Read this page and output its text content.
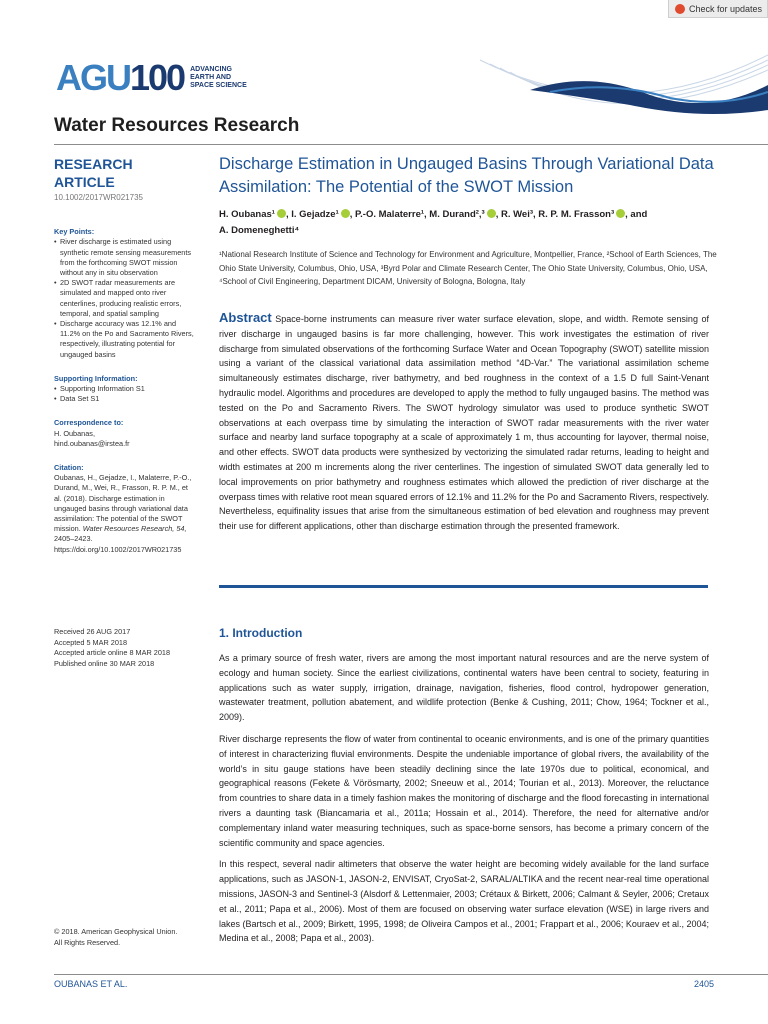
Check for updates
AGU 100 ADVANCING
EARTH AND
SPACE SCIENCE
Water Resources Research
RESEARCH ARTICLE
10.1002/2017WR021735
Key Points:
• River discharge is estimated using synthetic remote sensing measurements from the forthcoming SWOT mission without any in situ observation
• 2D SWOT radar measurements are simulated and mapped onto river centerlines, producing realistic errors, temporal, and spatial sampling
• Discharge accuracy was 12.1% and 11.2% on the Po and Sacramento Rivers, respectively, illustrating potential for ungauged basins
Supporting Information:
• Supporting Information S1
• Data Set S1
Correspondence to:
H. Oubanas,
hind.oubanas@irstea.fr
Citation:
Oubanas, H., Gejadze, I., Malaterre, P.-O., Durand, M., Wei, R., Frasson, R. P. M., et al. (2018). Discharge estimation in ungauged basins through variational data assimilation: The potential of the SWOT mission. Water Resources Research, 54, 2405–2423. https://doi.org/10.1002/2017WR021735
Received 26 AUG 2017
Accepted 5 MAR 2018
Accepted article online 8 MAR 2018
Published online 30 MAR 2018
© 2018. American Geophysical Union.
All Rights Reserved.
Discharge Estimation in Ungauged Basins Through Variational Data Assimilation: The Potential of the SWOT Mission
H. Oubanas¹ , I. Gejadze¹ , P.-O. Malaterre¹, M. Durand²,³ , R. Wei³, R. P. M. Frasson³ , and
A. Domeneghetti⁴
¹National Research Institute of Science and Technology for Environment and Agriculture, Montpellier, France, ²School of Earth Sciences, The Ohio State University, Columbus, Ohio, USA, ³Byrd Polar and Climate Research Center, The Ohio State University, Columbus, Ohio, USA, ⁴School of Civil Engineering, Department DICAM, University of Bologna, Bologna, Italy
Abstract Space-borne instruments can measure river water surface elevation, slope, and width. Remote sensing of river discharge in ungauged basins is far more challenging, however. This work investigates the estimation of river discharge from simulated observations of the forthcoming Surface Water and Ocean Topography (SWOT) satellite mission using a variant of the classical variational data assimilation method “4D-Var.” The variational assimilation scheme simultaneously estimates discharge, river bathymetry, and bed roughness in the context of a 1.5 D full Saint-Venant hydraulic model. Algorithms and procedures are developed to apply the method to fully ungauged basins. The method was tested on the Po and Sacramento Rivers. The SWOT hydrology simulator was used to produce synthetic SWOT observations at each overpass time by simulating the interaction of SWOT radar measurements with the river water surface and nearby land surface topography at a scale of approximately 1 m, thus accounting for layover, thermal noise, and other effects. SWOT data products were synthesized by vectorizing the simulated radar returns, leading to height and width estimates at 200 m increments along the river centerlines. The ingestion of simulated SWOT data generally led to local improvements on prior bathymetry and roughness estimates which allowed the prediction of river discharge at the overpass times with relative root mean squared errors of 12.1% and 11.2% for the Po and Sacramento Rivers, respectively. Nevertheless, equifinality issues that arise from the simultaneous estimation of bed elevation and roughness may prevent their use for different applications, other than discharge estimation through the presented framework.
1. Introduction

As a primary source of fresh water, rivers are among the most important natural resources and are the nerve system of ecology and human society. Since the earliest civilizations, continental waters have been central to society, featuring in applications such as water supply, irrigation, drainage, navigation, fisheries, flood control, hydropower generation, wastewater treatment, pollution abatement, and wildlife protection (Benke & Cushing, 2011; Chow, 1964; Tockner et al., 2009).

River discharge represents the flow of water from continental to oceanic environments, and is one of the primary quantities of interest in characterizing fluvial environments. Despite the undeniable importance of global rivers, the availability of the world’s in situ gauge stations have been steadily declining since the late 1970s due to political, economical, and geographical reasons (Fekete & Vörösmarty, 2002; Sneeuw et al., 2014; Tourian et al., 2013). Moreover, the reluctance from countries to share data in a timely fashion makes the monitoring of discharge and the flood forecasting in international rivers a daunting task (Biancamaria et al., 2011a; Hossain et al., 2014). Therefore, the need for alternative and/or complementary inland water measuring techniques, such as space-borne sensors, has become a primary concern of the scientific community and space agencies.

In this respect, several nadir altimeters that observe the water height are becoming widely available for the land surface applications, such as JASON-1, JASON-2, ENVISAT, CryoSat-2, SARAL/ALTIKA and the recent near-real time operational missions, JASON-3 and Sentinel-3 (Alsdorf & Lettenmaier, 2003; Crétaux & Birkett, 2006; Calmant & Seyler, 2006; Cretaux et al., 2011; Papa et al., 2006). Most of them are focused on observing water surface elevation (WSE) in large rivers and lakes (Bartsch et al., 2009; Birkett, 1995, 1998; de Oliveira Campos et al., 2001; Frappart et al., 2006; Kouraev et al., 2004; Medina et al., 2008; Papa et al., 2003).

OUBANAS ET AL.	2405
